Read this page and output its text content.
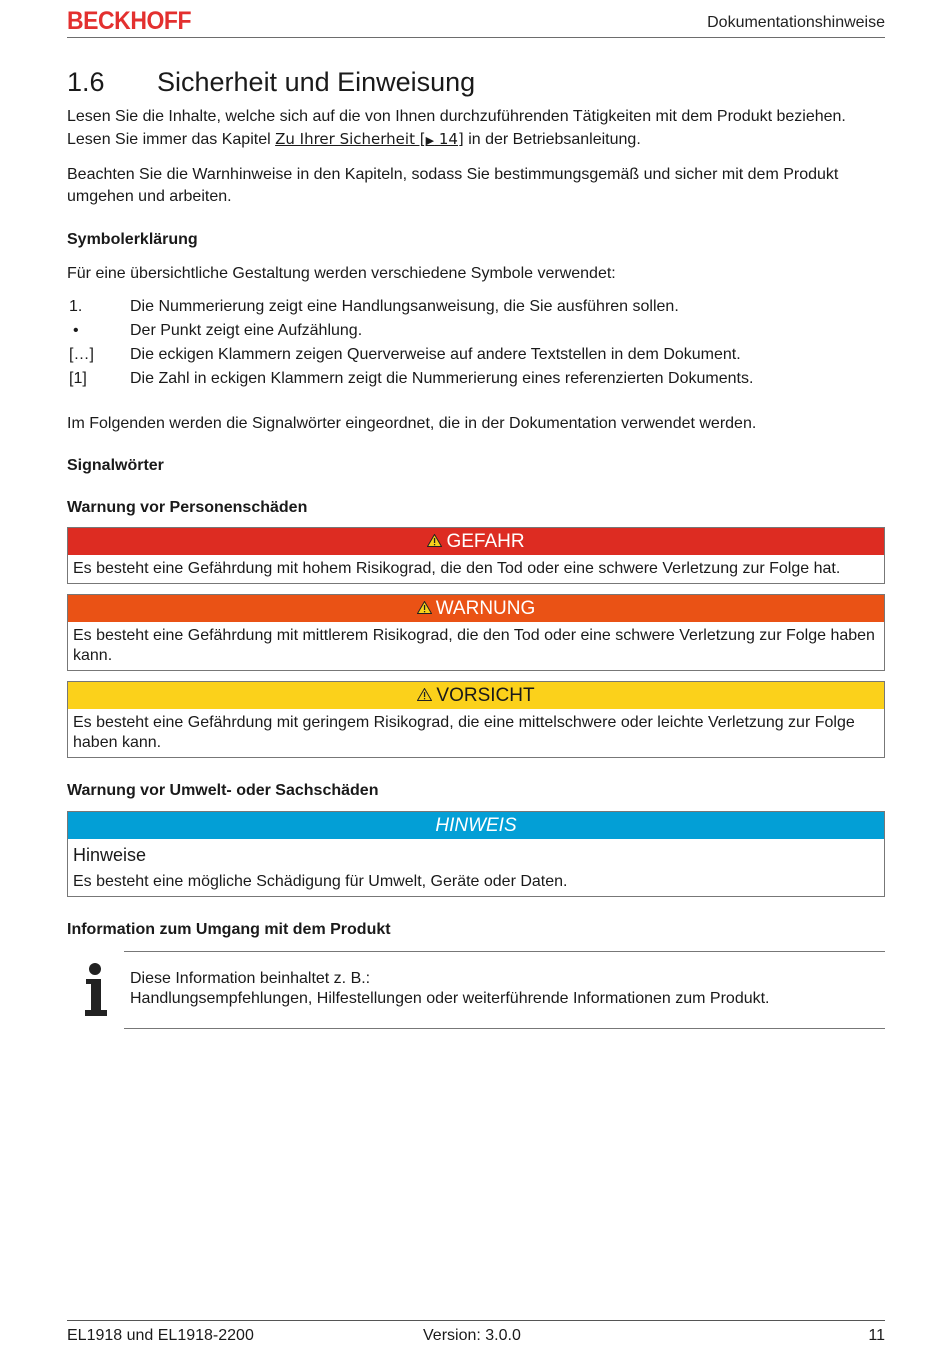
BECKHOFF	Dokumentationshinweise
1.6	Sicherheit und Einweisung

Lesen Sie die Inhalte, welche sich auf die von Ihnen durchzuführenden Tätigkeiten mit dem Produkt beziehen. Lesen Sie immer das Kapitel Zu Ihrer Sicherheit [▶ 14] in der Betriebsanleitung.

Beachten Sie die Warnhinweise in den Kapiteln, sodass Sie bestimmungsgemäß und sicher mit dem Produkt umgehen und arbeiten.

Symbolerklärung

Für eine übersichtliche Gestaltung werden verschiedene Symbole verwendet:

1.	Die Nummerierung zeigt eine Handlungsanweisung, die Sie ausführen sollen.
•	Der Punkt zeigt eine Aufzählung.
[…]	Die eckigen Klammern zeigen Querverweise auf andere Textstellen in dem Dokument.
[1]	Die Zahl in eckigen Klammern zeigt die Nummerierung eines referenzierten Dokuments.

Im Folgenden werden die Signalwörter eingeordnet, die in der Dokumentation verwendet werden.

Signalwörter
Warnung vor Personenschäden
GEFAHR
Es besteht eine Gefährdung mit hohem Risikograd, die den Tod oder eine schwere Verletzung zur Folge hat.
WARNUNG
Es besteht eine Gefährdung mit mittlerem Risikograd, die den Tod oder eine schwere Verletzung zur Folge haben kann.
VORSICHT
Es besteht eine Gefährdung mit geringem Risikograd, die eine mittelschwere oder leichte Verletzung zur Folge haben kann.
Warnung vor Umwelt- oder Sachschäden
HINWEIS
Hinweise
Es besteht eine mögliche Schädigung für Umwelt, Geräte oder Daten.
Information zum Umgang mit dem Produkt
Diese Information beinhaltet z. B.:
Handlungsempfehlungen, Hilfestellungen oder weiterführende Informationen zum Produkt.
EL1918 und EL1918-2200	Version: 3.0.0	11
